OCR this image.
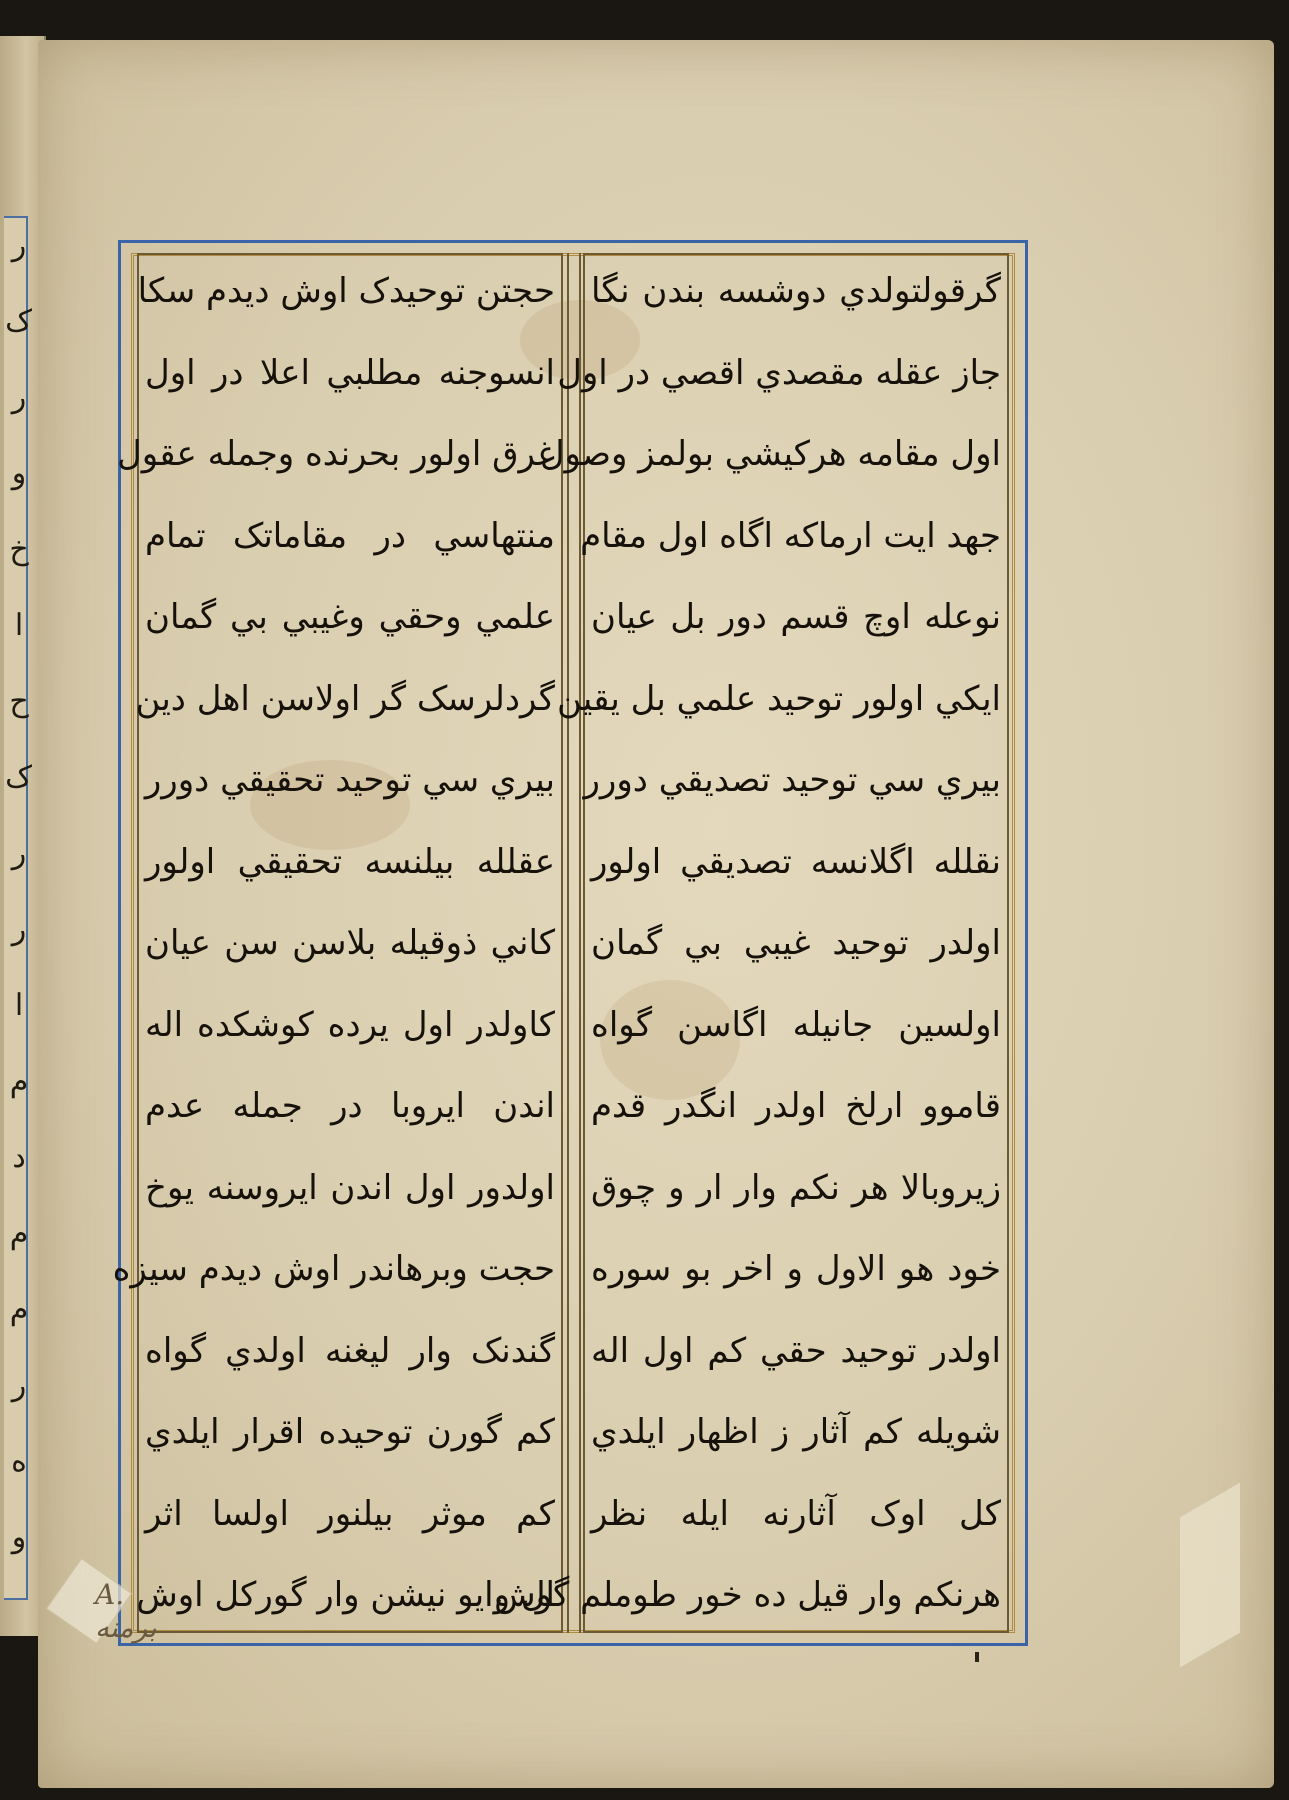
ر
ک
ر
و
خ
ا
ح
ک
ر
ر
ا
م
د
م
م
ر
ه
و
حجتن توحيدک اوش ديدم سکا
انسوجنه مطلبي اعلا در اول
غرق اولور بحرنده وجمله عقول
منتهاسي در مقاماتک تمام
علمي وحقي وغيبي بي گمان
گردلرسک گر اولاسن اهل دين
بيري سي توحيد تحقيقي دورر
عقلله بيلنسه تحقيقي اولور
کاني ذوقيله بلاسن سن عيان
کاولدر اول يرده کوشکده اله
اندن ايروبا در جمله عدم
اولدور اول اندن ايروسنه يوخ
حجت وبرهاندر اوش ديدم سيزه
گندنک وار ليغنه اولدي گواه
کم گورن توحيده اقرار ايلدي
کم موثر بيلنور اولسا اثر
ال وايو نيشن وار گورکل اوش
گرقولتولدي دوشسه بندن نگا
جاز عقله مقصدي اقصي در اول
اول مقامه هرکيشي بولمز وصول
جهد ايت ارماکه اگاه اول مقام
نوعله اوچ قسم دور بل عيان
ايکي اولور توحيد علمي بل يقين
بيري سي توحيد تصديقي دورر
نقلله اگلانسه تصديقي اولور
اولدر توحيد غيبي بي گمان
اولسين جانيله اگاسن گواه
قاموو ارلخ اولدر انگدر قدم
زيروبالا هر نکم وار ار و چوق
خود هو الاول و اخر بو سوره
اولدر توحيد حقي کم اول اله
شويله کم آثار ز اظهار ايلدي
کل اوک آثارنه ايله نظر
هرنکم وار قيل ده خور طوملم گوش
A. برمنه
